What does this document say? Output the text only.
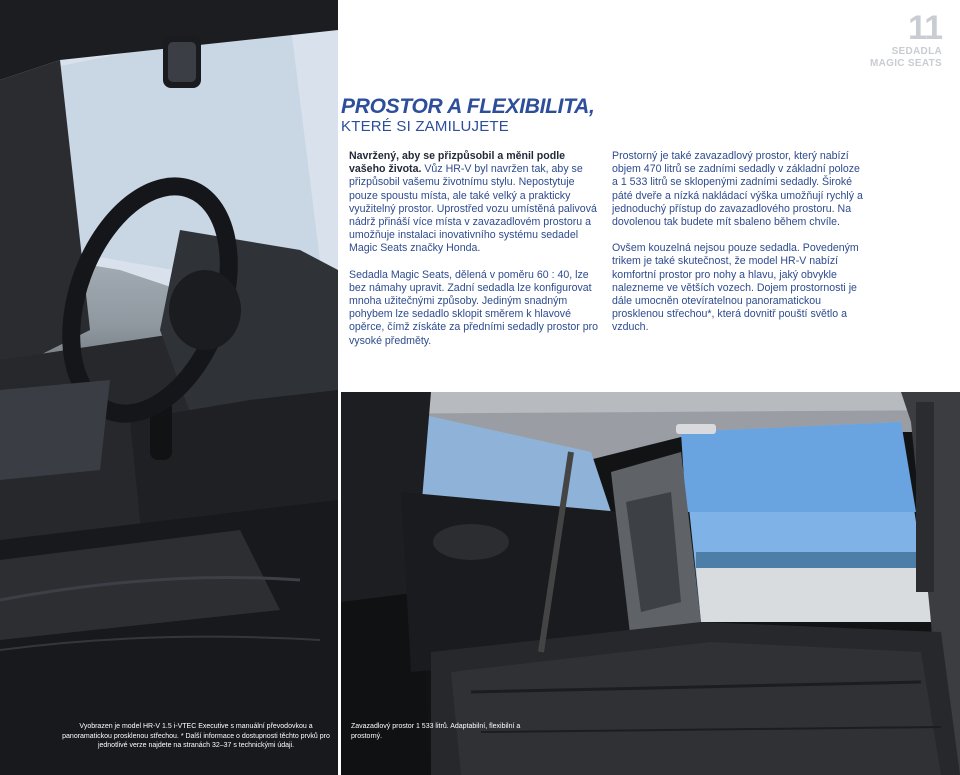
11
SEDADLA
MAGIC SEATS
PROSTOR A FLEXIBILITA,
KTERÉ SI ZAMILUJETE

Navržený, aby se přizpůsobil a měnil podle vašeho života. Vůz HR-V byl navržen tak, aby se přizpůsobil vašemu životnímu stylu. Nepostytuje pouze spoustu místa, ale také velký a prakticky využitelný prostor. Uprostřed vozu umístěná palivová nádrž přináší více místa v zavazadlovém prostoru a umožňuje instalaci inovativního systému sedadel Magic Seats značky Honda.

Sedadla Magic Seats, dělená v poměru 60 : 40, lze bez námahy upravit. Zadní sedadla lze konfigurovat mnoha užitečnými způsoby. Jediným snadným pohybem lze sedadlo sklopit směrem k hlavové opěrce, čímž získáte za předními sedadly prostor pro vysoké předměty.

Prostorný je také zavazadlový prostor, který nabízí objem 470 litrů se zadními sedadly v základní poloze a 1 533 litrů se sklopenými zadními sedadly. Široké páté dveře a nízká nakládací výška umožňují rychlý a jednoduchý přístup do zavazadlového prostoru. Na dovolenou tak budete mít sbaleno během chvíle.

Ovšem kouzelná nejsou pouze sedadla. Povedeným trikem je také skutečnost, že model HR-V nabízí komfortní prostor pro nohy a hlavu, jaký obvykle nalezneme ve větších vozech. Dojem prostornosti je dále umocněn otevíratelnou panoramatickou prosklenou střechou*, která dovnitř pouští světlo a vzduch.

Vyobrazen je model HR-V 1.5 i-VTEC Executive s manuální převodovkou a panoramatickou prosklenou střechou. * Další informace o dostupnosti těchto prvků pro jednotlivé verze najdete na stranách 32–37 s technickými údaji.
Zavazadlový prostor 1 533 litrů. Adaptabilní, flexibilní a prostorný.
